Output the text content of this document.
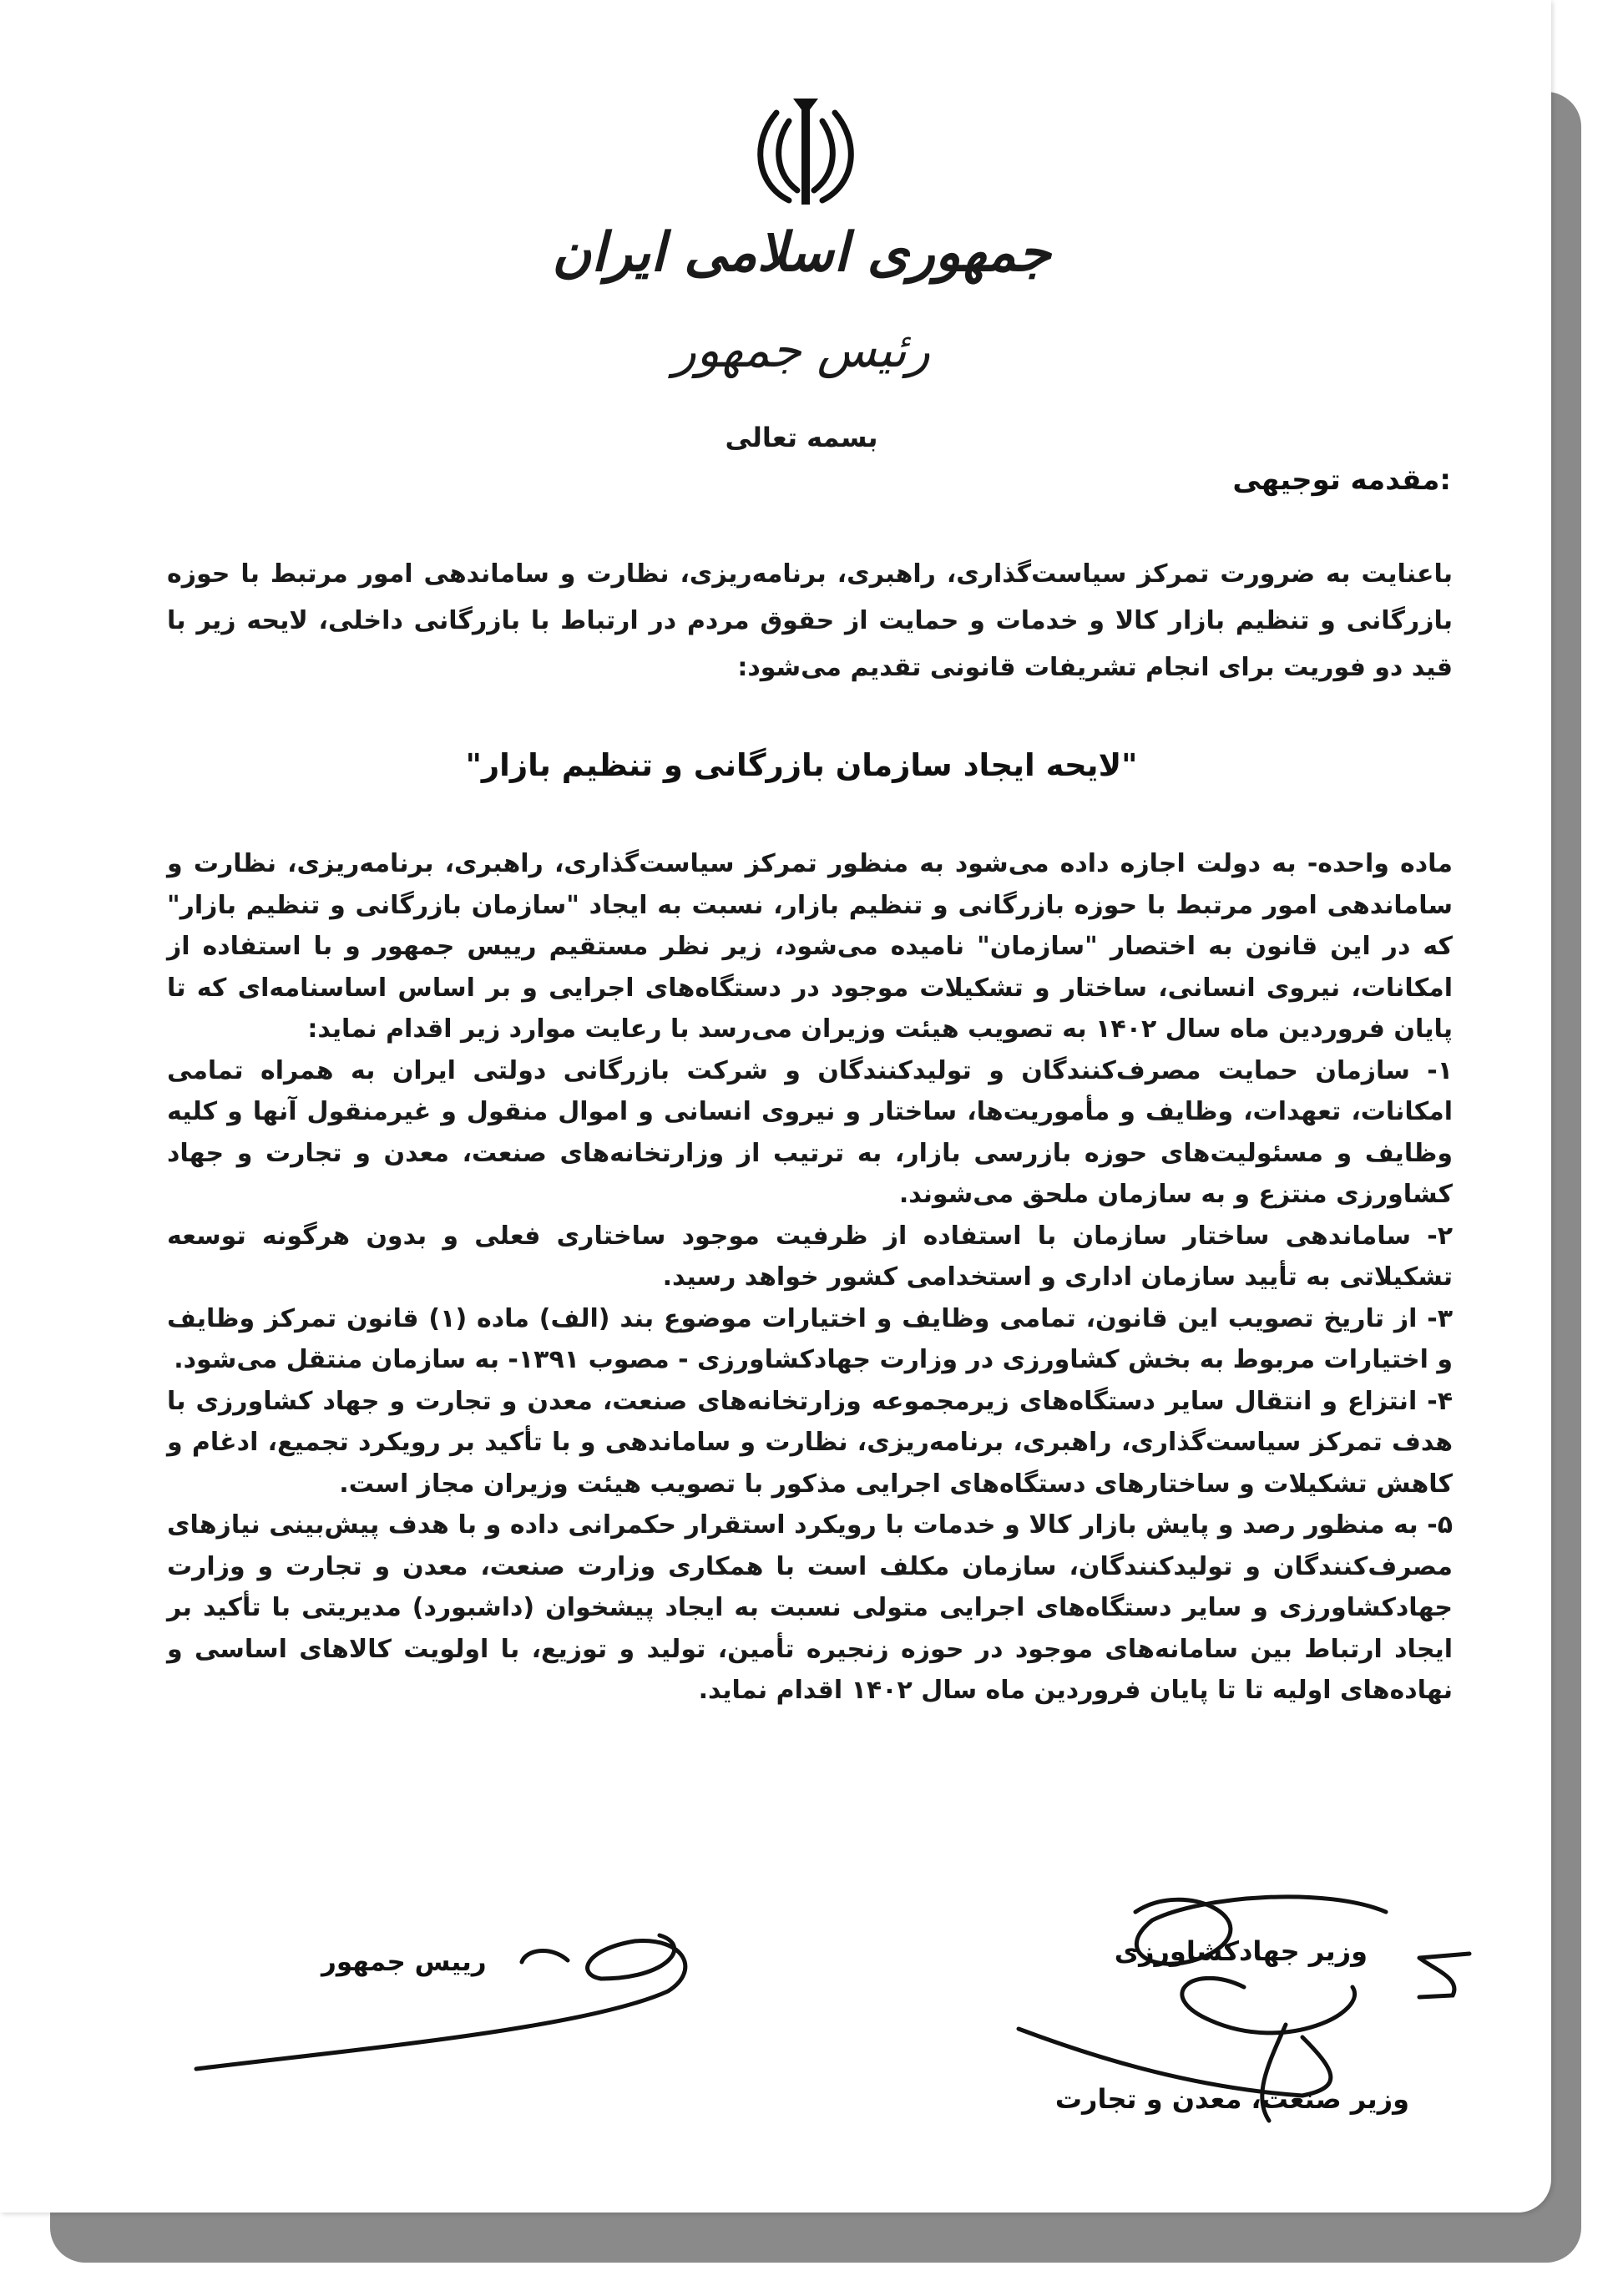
جمهوری اسلامی ایران
رئیس جمهور
بسمه تعالی
مقدمه توجیهی:
باعنایت به ضرورت تمرکز سیاست‌گذاری، راهبری، برنامه‌ریزی، نظارت و ساماندهی امور مرتبط با حوزه بازرگانی و تنظیم بازار کالا و خدمات و حمایت از حقوق مردم در ارتباط با بازرگانی داخلی، لایحه زیر با قید دو فوریت برای انجام تشریفات قانونی تقدیم می‌شود:
"لایحه ایجاد سازمان بازرگانی و تنظیم بازار"

ماده واحده- به دولت اجازه داده می‌شود به منظور تمرکز سیاست‌گذاری، راهبری، برنامه‌ریزی، نظارت و ساماندهی امور مرتبط با حوزه بازرگانی و تنظیم بازار، نسبت به ایجاد "سازمان بازرگانی و تنظیم بازار" که در این قانون به اختصار "سازمان" نامیده می‌شود، زیر نظر مستقیم رییس جمهور و با استفاده از امکانات، نیروی انسانی، ساختار و تشکیلات موجود در دستگاه‌های اجرایی و بر اساس اساسنامه‌ای که تا پایان فروردین ماه سال ۱۴۰۲ به تصویب هیئت وزیران می‌رسد با رعایت موارد زیر اقدام نماید:

۱- سازمان حمایت مصرف‌کنندگان و تولیدکنندگان و شرکت بازرگانی دولتی ایران به همراه تمامی امکانات، تعهدات، وظایف و مأموریت‌ها، ساختار و نیروی انسانی و اموال منقول و غیرمنقول آنها و کلیه وظایف و مسئولیت‌های حوزه بازرسی بازار، به ترتیب از وزارتخانه‌های صنعت، معدن و تجارت و جهاد کشاورزی منتزع و به سازمان ملحق می‌شوند.

۲- ساماندهی ساختار سازمان با استفاده از ظرفیت موجود ساختاری فعلی و بدون هرگونه توسعه تشکیلاتی به تأیید سازمان اداری و استخدامی کشور خواهد رسید.

۳- از تاریخ تصویب این قانون، تمامی وظایف و اختیارات موضوع بند (الف) ماده (۱) قانون تمرکز وظایف و اختیارات مربوط به بخش کشاورزی در وزارت جهادکشاورزی - مصوب ۱۳۹۱- به سازمان منتقل می‌شود.

۴- انتزاع و انتقال سایر دستگاه‌های زیرمجموعه وزارتخانه‌های صنعت، معدن و تجارت و جهاد کشاورزی با هدف تمرکز سیاست‌گذاری، راهبری، برنامه‌ریزی، نظارت و ساماندهی و با تأکید بر رویکرد تجمیع، ادغام و کاهش تشکیلات و ساختارهای دستگاه‌های اجرایی مذکور با تصویب هیئت وزیران مجاز است.

۵- به منظور رصد و پایش بازار کالا و خدمات با رویکرد استقرار حکمرانی داده و با هدف پیش‌بینی نیازهای مصرف‌کنندگان و تولیدکنندگان، سازمان مکلف است با همکاری وزارت صنعت، معدن و تجارت و وزارت جهادکشاورزی و سایر دستگاه‌های اجرایی متولی نسبت به ایجاد پیشخوان (داشبورد) مدیریتی با تأکید بر ایجاد ارتباط بین سامانه‌های موجود در حوزه زنجیره تأمین، تولید و توزیع، با اولویت کالاهای اساسی و نهاده‌های اولیه تا تا پایان فروردین ماه سال ۱۴۰۲ اقدام نماید.

رییس جمهور	وزیر جهادکشاورزی
وزیر صنعت، معدن و تجارت
